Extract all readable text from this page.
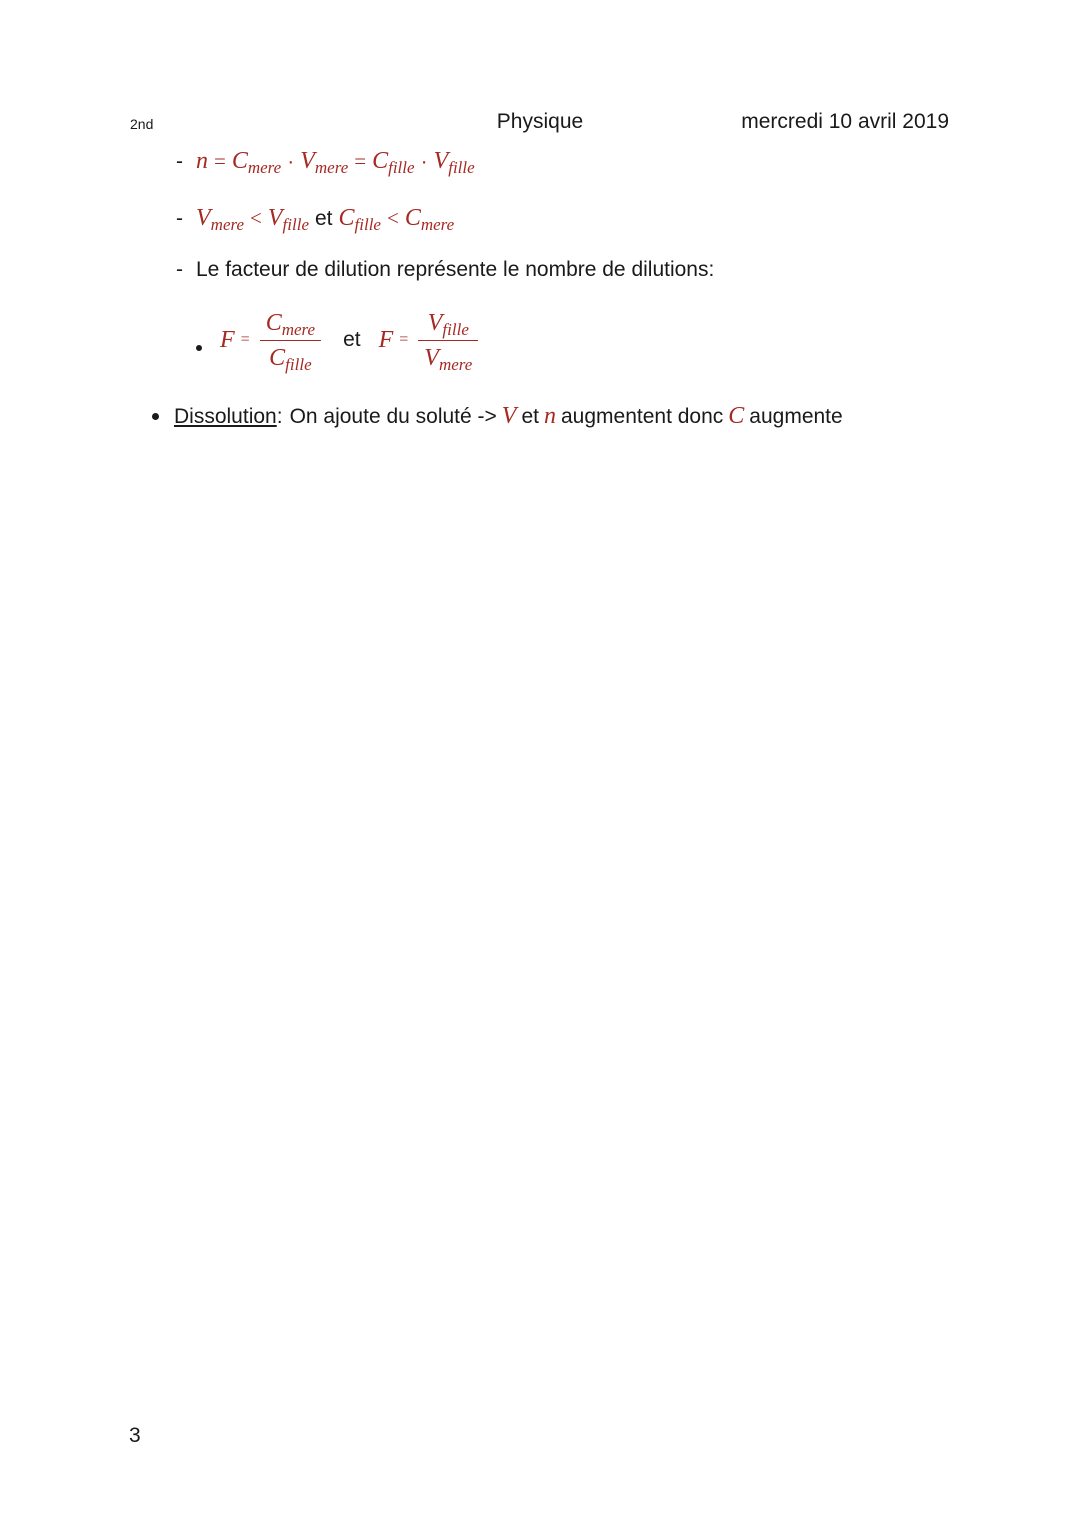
2nd	Physique	mercredi 10 avril 2019
- $n = C_{mere} \cdot V_{mere} = C_{fille} \cdot V_{fille}$
- $V_{mere} < V_{fille}$ et $C_{fille} < C_{mere}$
- Le facteur de dilution représente le nombre de dilutions:
$F = \frac{C_{mere}}{C_{fille}}$ et $F = \frac{V_{fille}}{V_{mere}}$
Dissolution : On ajoute du soluté -> V et n augmentent donc C augmente
3
